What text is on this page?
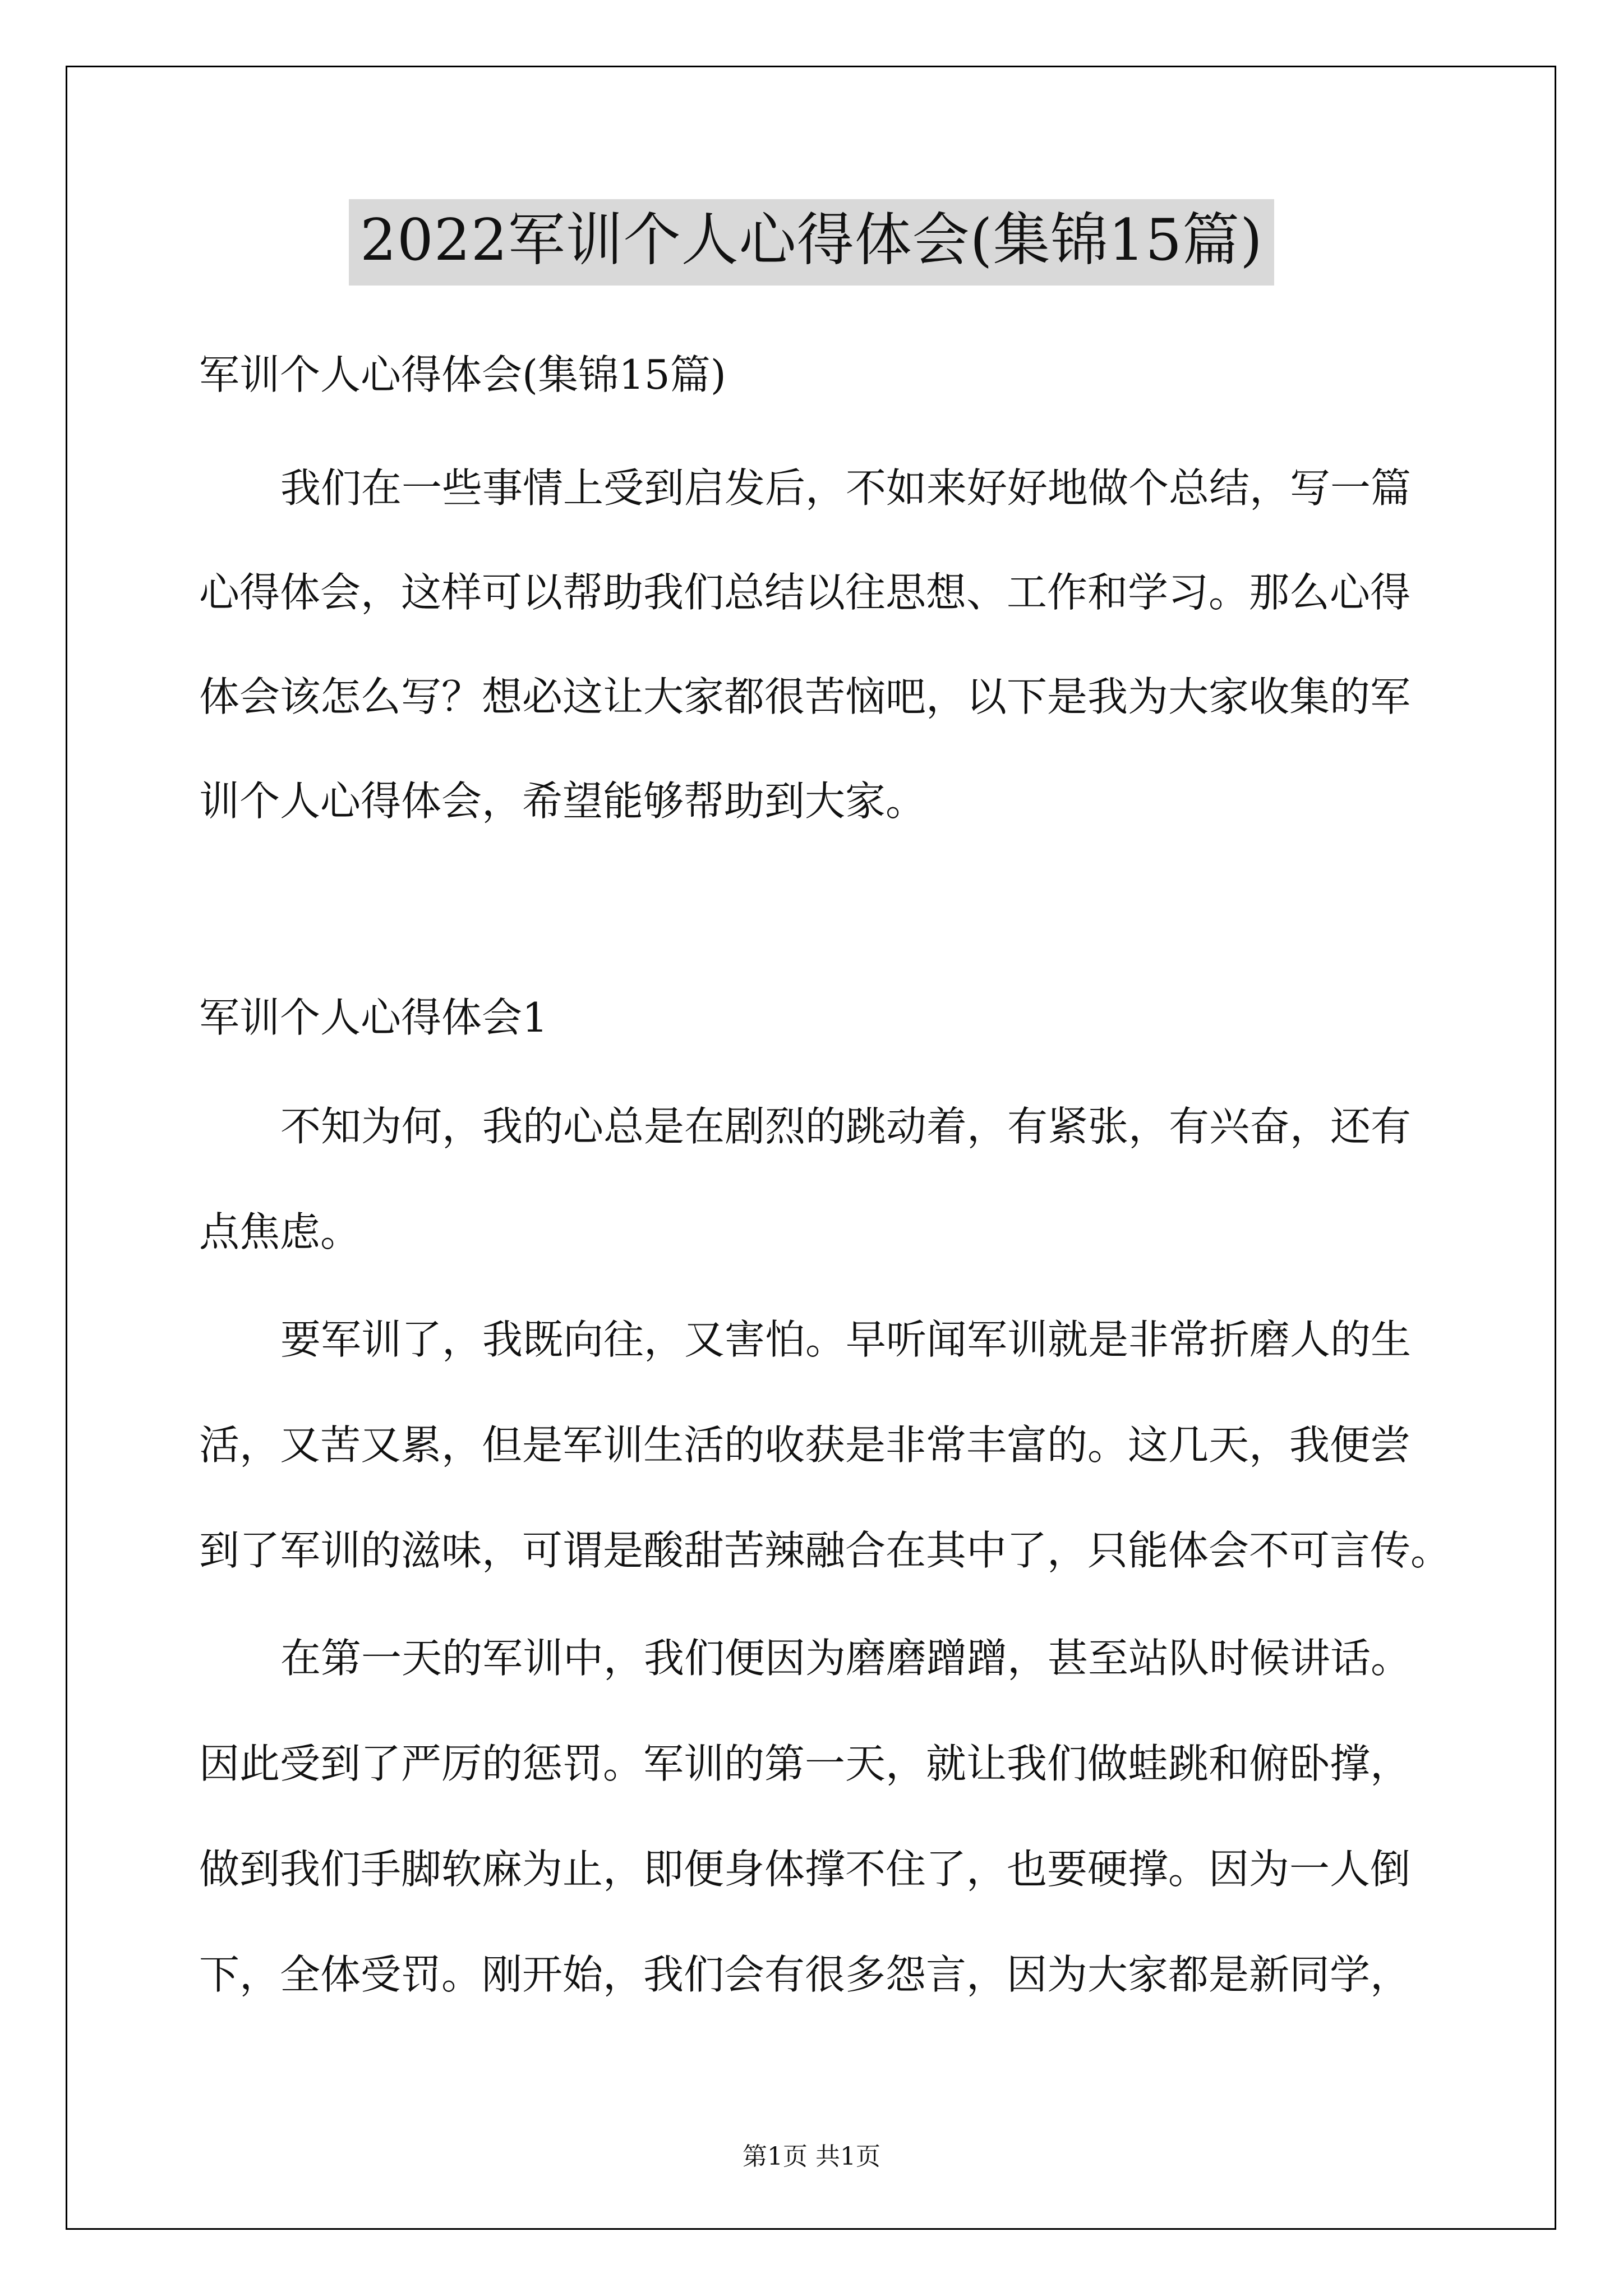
2022军训个人心得体会(集锦15篇)
军训个人心得体会(集锦15篇)
我们在一些事情上受到启发后，不如来好好地做个总结，写一篇
心得体会，这样可以帮助我们总结以往思想、工作和学习。那么心得
体会该怎么写？想必这让大家都很苦恼吧，以下是我为大家收集的军
训个人心得体会，希望能够帮助到大家。
军训个人心得体会1
不知为何，我的心总是在剧烈的跳动着，有紧张，有兴奋，还有
点焦虑。
要军训了，我既向往，又害怕。早听闻军训就是非常折磨人的生
活，又苦又累，但是军训生活的收获是非常丰富的。这几天，我便尝
到了军训的滋味，可谓是酸甜苦辣融合在其中了，只能体会不可言传。
在第一天的军训中，我们便因为磨磨蹭蹭，甚至站队时候讲话。
因此受到了严厉的惩罚。军训的第一天，就让我们做蛙跳和俯卧撑，
做到我们手脚软麻为止，即便身体撑不住了，也要硬撑。因为一人倒
下，全体受罚。刚开始，我们会有很多怨言，因为大家都是新同学，
第1页 共1页
